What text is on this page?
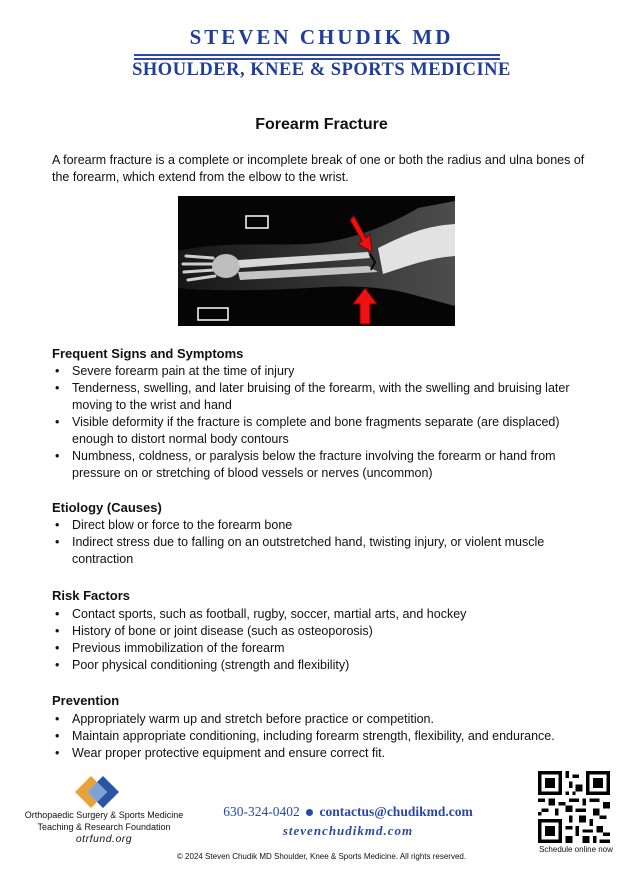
STEVEN CHUDIK MD
SHOULDER, KNEE & SPORTS MEDICINE
Forearm Fracture
A forearm fracture is a complete or incomplete break of one or both the radius and ulna bones of the forearm, which extend from the elbow to the wrist.
Frequent Signs and Symptoms
• Severe forearm pain at the time of injury
• Tenderness, swelling, and later bruising of the forearm, with the swelling and bruising later moving to the wrist and hand
• Visible deformity if the fracture is complete and bone fragments separate (are displaced) enough to distort normal body contours
• Numbness, coldness, or paralysis below the fracture involving the forearm or hand from pressure on or stretching of blood vessels or nerves (uncommon)
Etiology (Causes)
• Direct blow or force to the forearm bone
• Indirect stress due to falling on an outstretched hand, twisting injury, or violent muscle contraction
Risk Factors
• Contact sports, such as football, rugby, soccer, martial arts, and hockey
• History of bone or joint disease (such as osteoporosis)
• Previous immobilization of the forearm
• Poor physical conditioning (strength and flexibility)
Prevention
• Appropriately warm up and stretch before practice or competition.
• Maintain appropriate conditioning, including forearm strength, flexibility, and endurance.
• Wear proper protective equipment and ensure correct fit.
Orthopaedic Surgery & Sports Medicine
Teaching & Research Foundation
otrfund.org
630-324-0402 contactus@chudikmd.com
stevenchudikmd.com
© 2024 Steven Chudik MD Shoulder, Knee & Sports Medicine. All rights reserved.
Schedule online now
